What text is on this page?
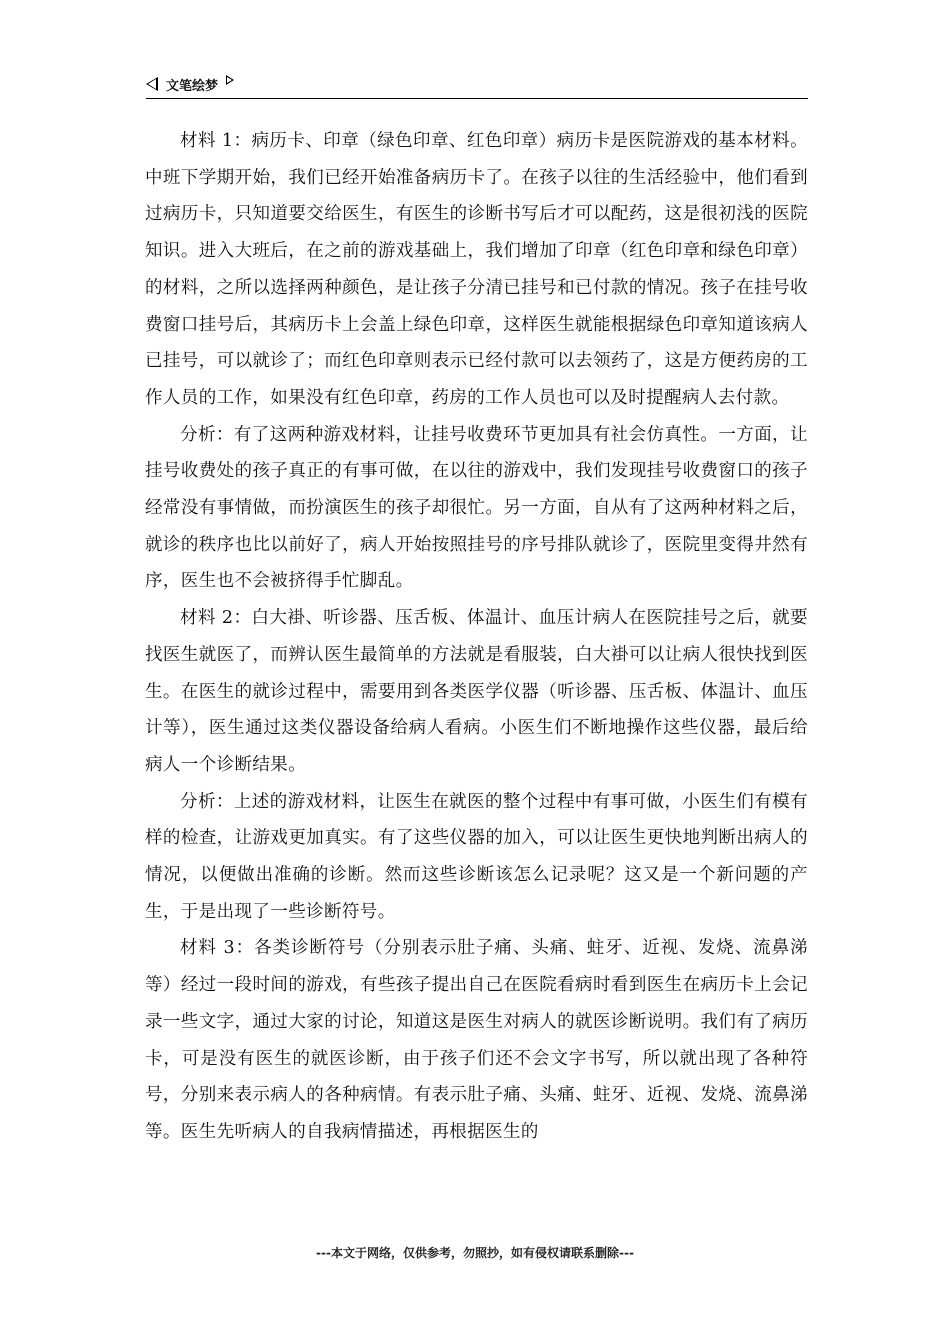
文笔绘梦

材料 1：病历卡、印章（绿色印章、红色印章）病历卡是医院游戏的基本材料。中班下学期开始，我们已经开始准备病历卡了。在孩子以往的生活经验中，他们看到过病历卡，只知道要交给医生，有医生的诊断书写后才可以配药，这是很初浅的医院知识。进入大班后，在之前的游戏基础上，我们增加了印章（红色印章和绿色印章）的材料，之所以选择两种颜色，是让孩子分清已挂号和已付款的情况。孩子在挂号收费窗口挂号后，其病历卡上会盖上绿色印章，这样医生就能根据绿色印章知道该病人已挂号，可以就诊了；而红色印章则表示已经付款可以去领药了，这是方便药房的工作人员的工作，如果没有红色印章，药房的工作人员也可以及时提醒病人去付款。

分析：有了这两种游戏材料，让挂号收费环节更加具有社会仿真性。一方面，让挂号收费处的孩子真正的有事可做，在以往的游戏中，我们发现挂号收费窗口的孩子经常没有事情做，而扮演医生的孩子却很忙。另一方面，自从有了这两种材料之后，就诊的秩序也比以前好了，病人开始按照挂号的序号排队就诊了，医院里变得井然有序，医生也不会被挤得手忙脚乱。

材料 2：白大褂、听诊器、压舌板、体温计、血压计病人在医院挂号之后，就要找医生就医了，而辨认医生最简单的方法就是看服装，白大褂可以让病人很快找到医生。在医生的就诊过程中，需要用到各类医学仪器（听诊器、压舌板、体温计、血压计等），医生通过这类仪器设备给病人看病。小医生们不断地操作这些仪器，最后给病人一个诊断结果。

分析：上述的游戏材料，让医生在就医的整个过程中有事可做，小医生们有模有样的检查，让游戏更加真实。有了这些仪器的加入，可以让医生更快地判断出病人的情况，以便做出准确的诊断。然而这些诊断该怎么记录呢？这又是一个新问题的产生，于是出现了一些诊断符号。

材料 3：各类诊断符号（分别表示肚子痛、头痛、蛀牙、近视、发烧、流鼻涕等）经过一段时间的游戏，有些孩子提出自己在医院看病时看到医生在病历卡上会记录一些文字，通过大家的讨论，知道这是医生对病人的就医诊断说明。我们有了病历卡，可是没有医生的就医诊断，由于孩子们还不会文字书写，所以就出现了各种符号，分别来表示病人的各种病情。有表示肚子痛、头痛、蛀牙、近视、发烧、流鼻涕等。医生先听病人的自我病情描述，再根据医生的

---本文于网络，仅供参考，勿照抄，如有侵权请联系删除---
